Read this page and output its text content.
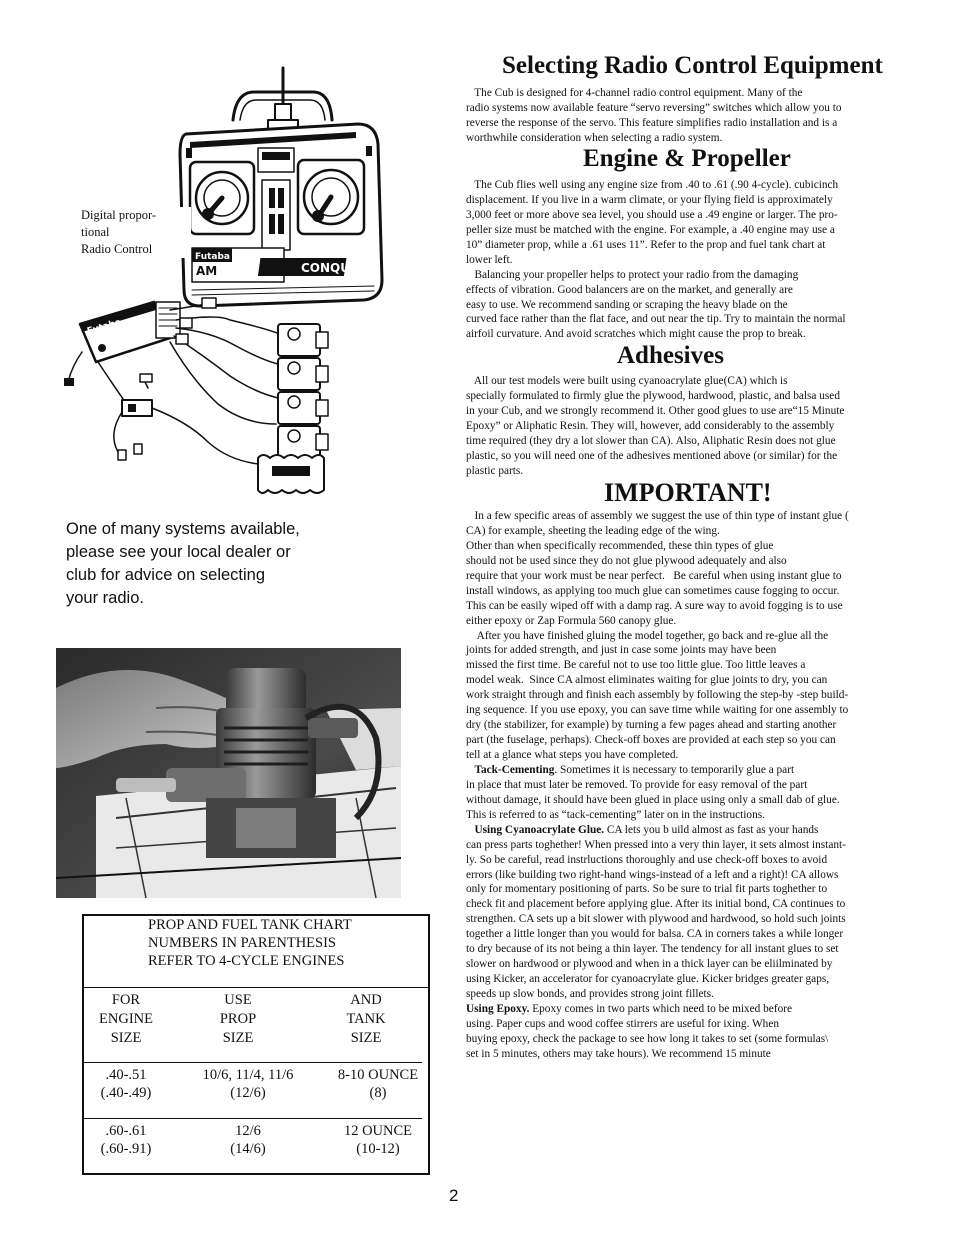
Futaba
AM	CONQUEST
Futaba
Digital propor-
tional
Radio Control
One of many systems available,
please see your local dealer or
club for advice on selecting
your radio.
PROP AND FUEL TANK CHART
NUMBERS IN PARENTHESIS
REFER TO 4-CYCLE ENGINES
FOR
ENGINE
SIZE
USE
PROP
SIZE
AND
TANK
SIZE
.40-.51
(.40-.49)
10/6, 11/4, 11/6
(12/6)
8-10 OUNCE
(8)
.60-.61
(.60-.91)
12/6
(14/6)
12 OUNCE
(10-12)
Selecting Radio Control Equipment
The Cub is designed for 4-channel radio control equipment. Many of the
radio systems now available feature “servo reversing” switches which allow you to
reverse the response of the servo. This feature simplifies radio installation and is a
worthwhile consideration when selecting a radio system.
Engine & Propeller
The Cub flies well using any engine size from .40 to .61 (.90 4-cycle). cubicinch
displacement. If you live in a warm climate, or your flying field is approximately
3,000 feet or more above sea level, you should use a .49 engine or larger. The pro-
peller size must be matched with the engine. For example, a .40 engine may use a
10” diameter prop, while a .61 uses 11”. Refer to the prop and fuel tank chart at
lower left.
Balancing your propeller helps to protect your radio from the damaging
effects of vibration. Good balancers are on the market, and generally are
easy to use. We recommend sanding or scraping the heavy blade on the
curved face rather than the flat face, and out near the tip. Try to maintain the normal
airfoil curvature. And avoid scratches which might cause the prop to break.
Adhesives
All our test models were built using cyanoacrylate glue(CA) which is
specially formulated to firmly glue the plywood, hardwood, plastic, and balsa used
in your Cub, and we strongly recommend it. Other good glues to use are“15 Minute
Epoxy” or Aliphatic Resin. They will, however, add considerably to the assembly
time required (they dry a lot slower than CA). Also, Aliphatic Resin does not glue
plastic, so you will need one of the adhesives mentioned above (or similar) for the
plastic parts.
IMPORTANT!
In a few specific areas of assembly we suggest the use of thin type of instant glue (
CA) for example, sheeting the leading edge of the wing.
Other than when specifically recommended, these thin types of glue
should not be used since they do not glue plywood adequately and also
require that your work must be near perfect.   Be careful when using instant glue to
install windows, as applying too much glue can sometimes cause fogging to occur.
This can be easily wiped off with a damp rag. A sure way to avoid fogging is to use
either epoxy or Zap Formula 560 canopy glue.
After you have finished gluing the model together, go back and re-glue all the
joints for added strength, and just in case some joints may have been
missed the first time. Be careful not to use too little glue. Too little leaves a
model weak.  Since CA almost eliminates waiting for glue joints to dry, you can
work straight through and finish each assembly by following the step-by -step build-
ing sequence. If you use epoxy, you can save time while waiting for one assembly to
dry (the stabilizer, for example) by turning a few pages ahead and starting another
part (the fuselage, perhaps). Check-off boxes are provided at each step so you can
tell at a glance what steps you have completed.
Tack-Cementing. Sometimes it is necessary to temporarily glue a part
in place that must later be removed. To provide for easy removal of the part
without damage, it should have been glued in place using only a small dab of glue.
This is referred to as “tack-cementing” later on in the instructions.
Using Cyanoacrylate Glue. CA lets you b uild almost as fast as your hands
can press parts toghether! When pressed into a very thin layer, it sets almost instant-
ly. So be careful, read instrluctions thoroughly and use check-off boxes to avoid
errors (like building two right-hand wings-instead of a left and a right)! CA allows
only for momentary positioning of parts. So be sure to trial fit parts toghether to
check fit and placement before applying glue. After its initial bond, CA continues to
strengthen. CA sets up a bit slower with plywood and hardwood, so hold such joints
together a little longer than you would for balsa. CA in corners takes a while longer
to dry because of its not being a thin layer. The tendency for all instant glues to set
slower on hardwood or plywood and when in a thick layer can be eliilminated by
using Kicker, an accelerator for cyanoacrylate glue. Kicker bridges greater gaps,
speeds up slow bonds, and provides strong joint fillets.
Using Epoxy. Epoxy comes in two parts which need to be mixed before
using. Paper cups and wood coffee stirrers are useful for ixing. When
buying epoxy, check the package to see how long it takes to set (some formulas\
set in 5 minutes, others may take hours). We recommend 15 minute
2
